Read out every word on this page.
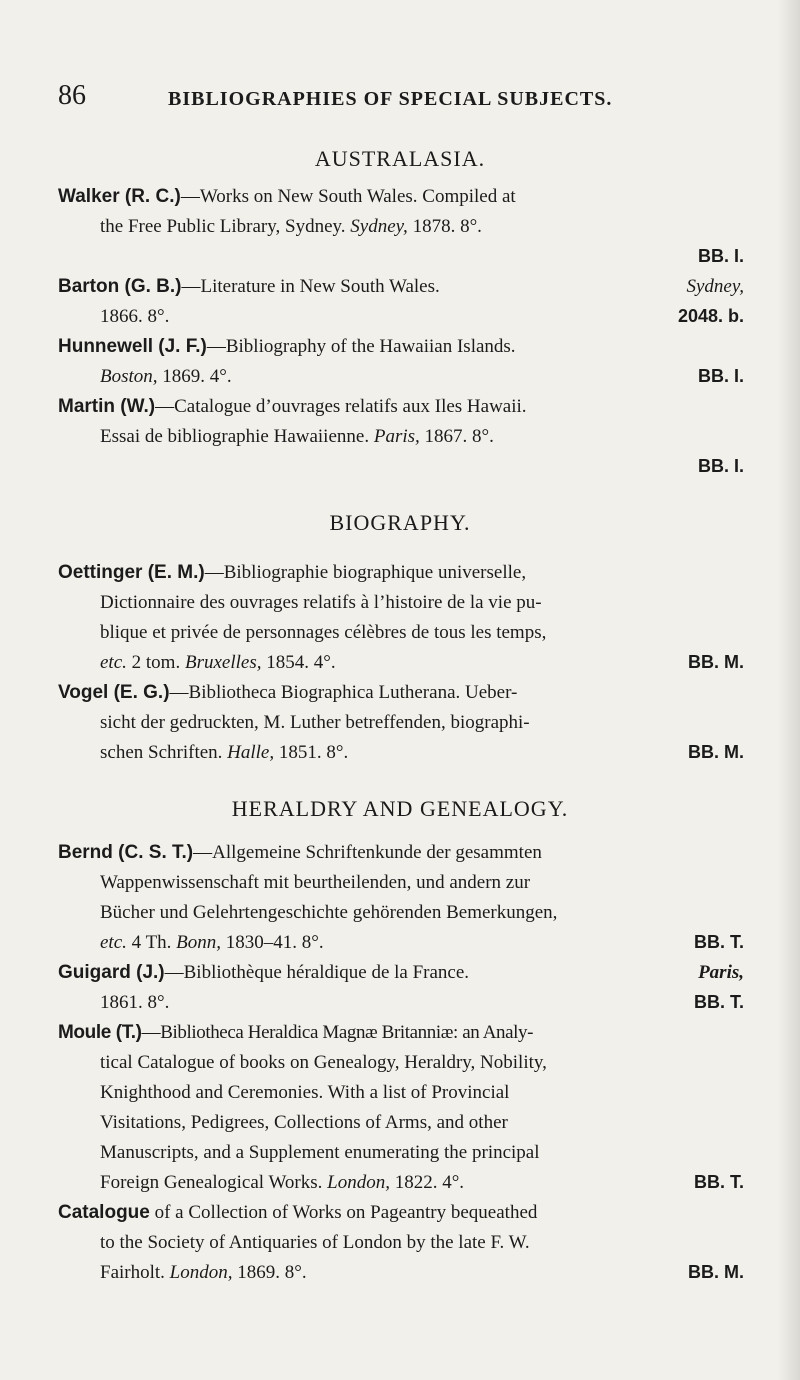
86	BIBLIOGRAPHIES OF SPECIAL SUBJECTS.
AUSTRALASIA.
Walker (R. C.)—Works on New South Wales. Compiled at
the Free Public Library, Sydney. Sydney, 1878. 8°.
BB. I.
Barton (G. B.)—Literature in New South Wales.	Sydney,
1866. 8°.	2048. b.
Hunnewell (J. F.)—Bibliography of the Hawaiian Islands.
Boston, 1869. 4°.	BB. I.
Martin (W.)—Catalogue d’ouvrages relatifs aux Iles Hawaii.
Essai de bibliographie Hawaiienne. Paris, 1867. 8°.
BB. I.
BIOGRAPHY.
Oettinger (E. M.)—Bibliographie biographique universelle,
Dictionnaire des ouvrages relatifs à l’histoire de la vie pu-
blique et privée de personnages célèbres de tous les temps,
etc. 2 tom. Bruxelles, 1854. 4°.	BB. M.
Vogel (E. G.)—Bibliotheca Biographica Lutherana. Ueber-
sicht der gedruckten, M. Luther betreffenden, biographi-
schen Schriften. Halle, 1851. 8°.	BB. M.
HERALDRY AND GENEALOGY.
Bernd (C. S. T.)—Allgemeine Schriftenkunde der gesammten
Wappenwissenschaft mit beurtheilenden, und andern zur
Bücher und Gelehrtengeschichte gehörenden Bemerkungen,
etc. 4 Th. Bonn, 1830–41. 8°.	BB. T.
Guigard (J.)—Bibliothèque héraldique de la France.	Paris,
1861. 8°.	BB. T.
Moule (T.)—Bibliotheca Heraldica Magnæ Britanniæ: an Analy-
tical Catalogue of books on Genealogy, Heraldry, Nobility,
Knighthood and Ceremonies. With a list of Provincial
Visitations, Pedigrees, Collections of Arms, and other
Manuscripts, and a Supplement enumerating the principal
Foreign Genealogical Works. London, 1822. 4°.	BB. T.
Catalogue of a Collection of Works on Pageantry bequeathed
to the Society of Antiquaries of London by the late F. W.
Fairholt. London, 1869. 8°.	BB. M.
